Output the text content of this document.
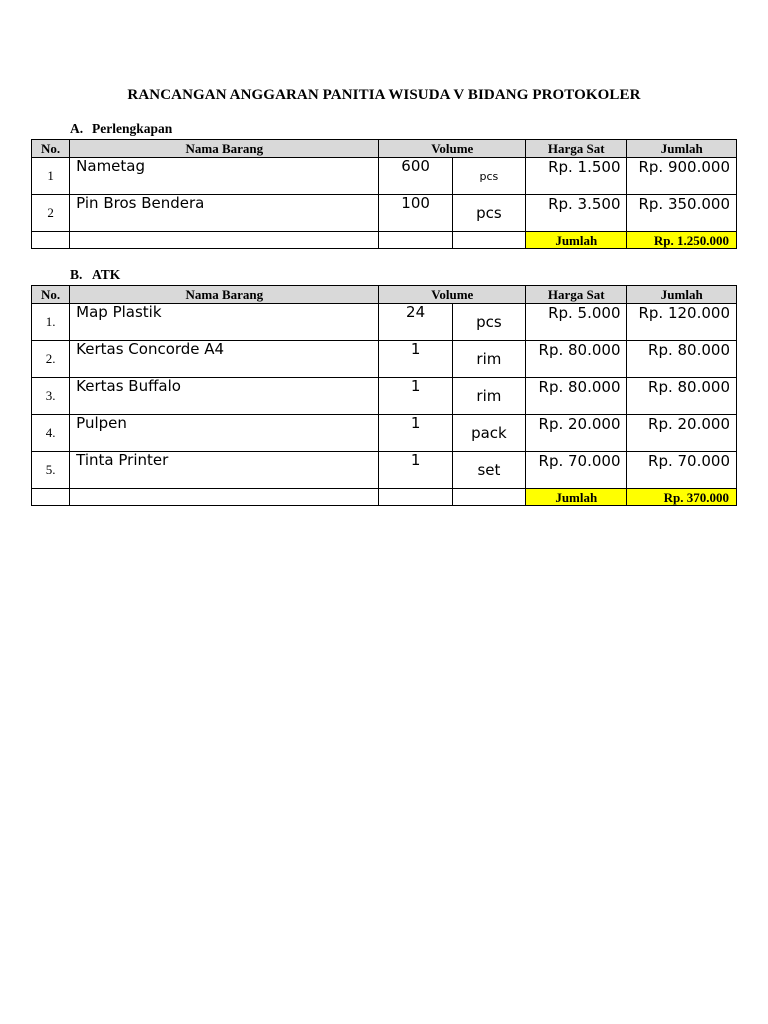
RANCANGAN ANGGARAN PANITIA WISUDA V BIDANG PROTOKOLER
A. Perlengkapan
No.	Nama Barang	Volume		Harga Sat	Jumlah
1	Nametag	600	pcs	Rp. 1.500	Rp. 900.000
2	Pin Bros Bendera	100	pcs	Rp. 3.500	Rp. 350.000
				Jumlah	Rp. 1.250.000
B. ATK
No.	Nama Barang	Volume		Harga Sat	Jumlah
1.	Map Plastik	24	pcs	Rp. 5.000	Rp. 120.000
2.	Kertas Concorde A4	1	rim	Rp. 80.000	Rp. 80.000
3.	Kertas Buffalo	1	rim	Rp. 80.000	Rp. 80.000
4.	Pulpen	1	pack	Rp. 20.000	Rp. 20.000
5.	Tinta Printer	1	set	Rp. 70.000	Rp. 70.000
				Jumlah	Rp. 370.000
